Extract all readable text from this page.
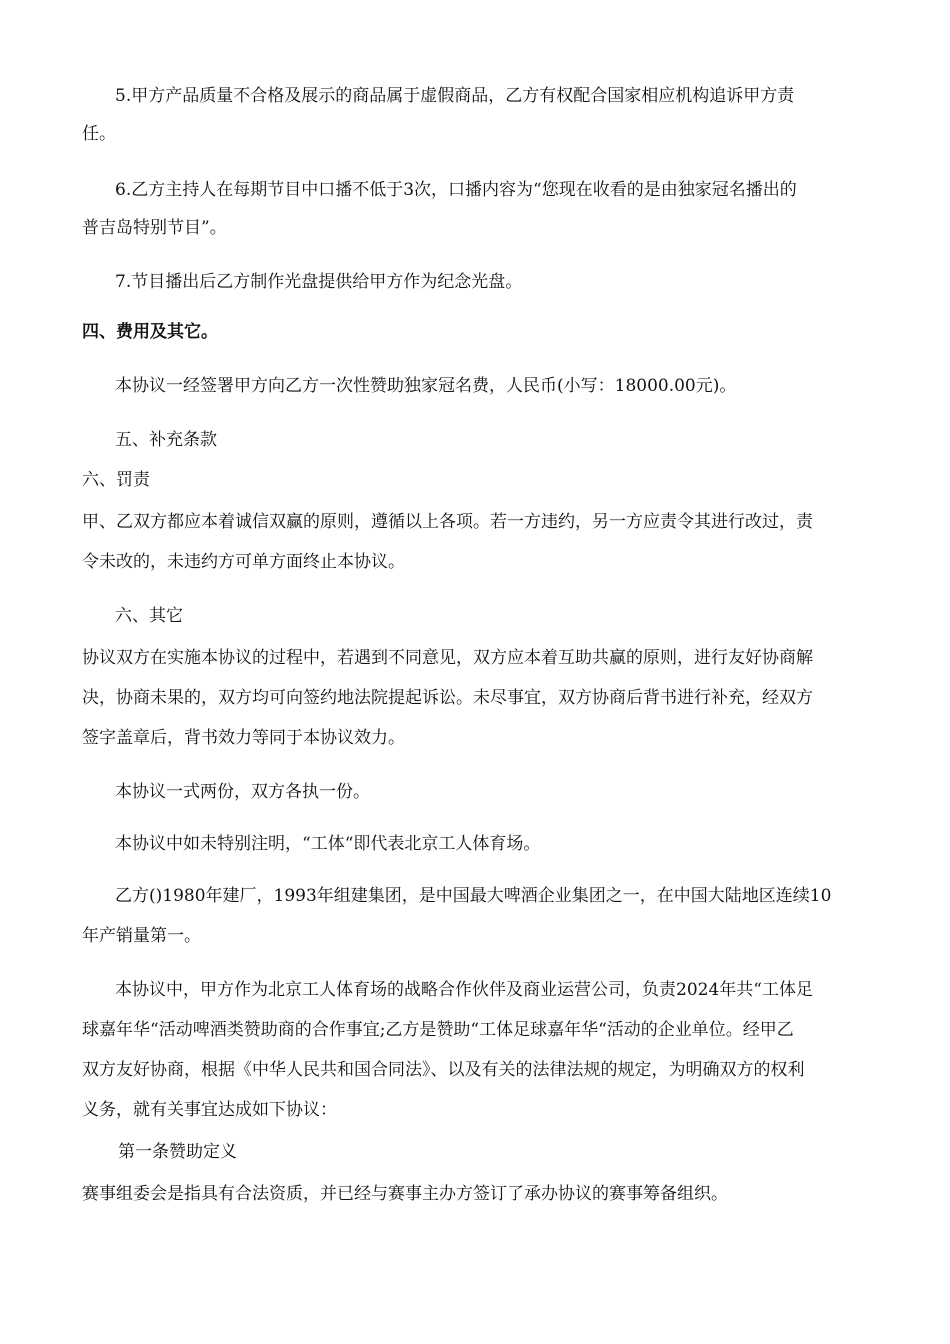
5.甲方产品质量不合格及展示的商品属于虚假商品，乙方有权配合国家相应机构追诉甲方责

任。

6.乙方主持人在每期节目中口播不低于3次，口播内容为“您现在收看的是由独家冠名播出的

普吉岛特别节目”。

7.节目播出后乙方制作光盘提供给甲方作为纪念光盘。

四、费用及其它。

本协议一经签署甲方向乙方一次性赞助独家冠名费，人民币(小写：18000.00元)。

五、补充条款

六、罚责

甲、乙双方都应本着诚信双赢的原则，遵循以上各项。若一方违约，另一方应责令其进行改过，责

令未改的，未违约方可单方面终止本协议。

六、其它

协议双方在实施本协议的过程中，若遇到不同意见，双方应本着互助共赢的原则，进行友好协商解

决，协商未果的，双方均可向签约地法院提起诉讼。未尽事宜，双方协商后背书进行补充，经双方

签字盖章后，背书效力等同于本协议效力。

本协议一式两份，双方各执一份。

本协议中如未特别注明，“工体“即代表北京工人体育场。

乙方()1980年建厂，1993年组建集团，是中国最大啤酒企业集团之一，在中国大陆地区连续10

年产销量第一。

本协议中，甲方作为北京工人体育场的战略合作伙伴及商业运营公司，负责2024年共“工体足

球嘉年华“活动啤酒类赞助商的合作事宜;乙方是赞助“工体足球嘉年华“活动的企业单位。经甲乙

双方友好协商，根据《中华人民共和国合同法》、以及有关的法律法规的规定，为明确双方的权利

义务，就有关事宜达成如下协议：

第一条赞助定义

赛事组委会是指具有合法资质，并已经与赛事主办方签订了承办协议的赛事筹备组织。
